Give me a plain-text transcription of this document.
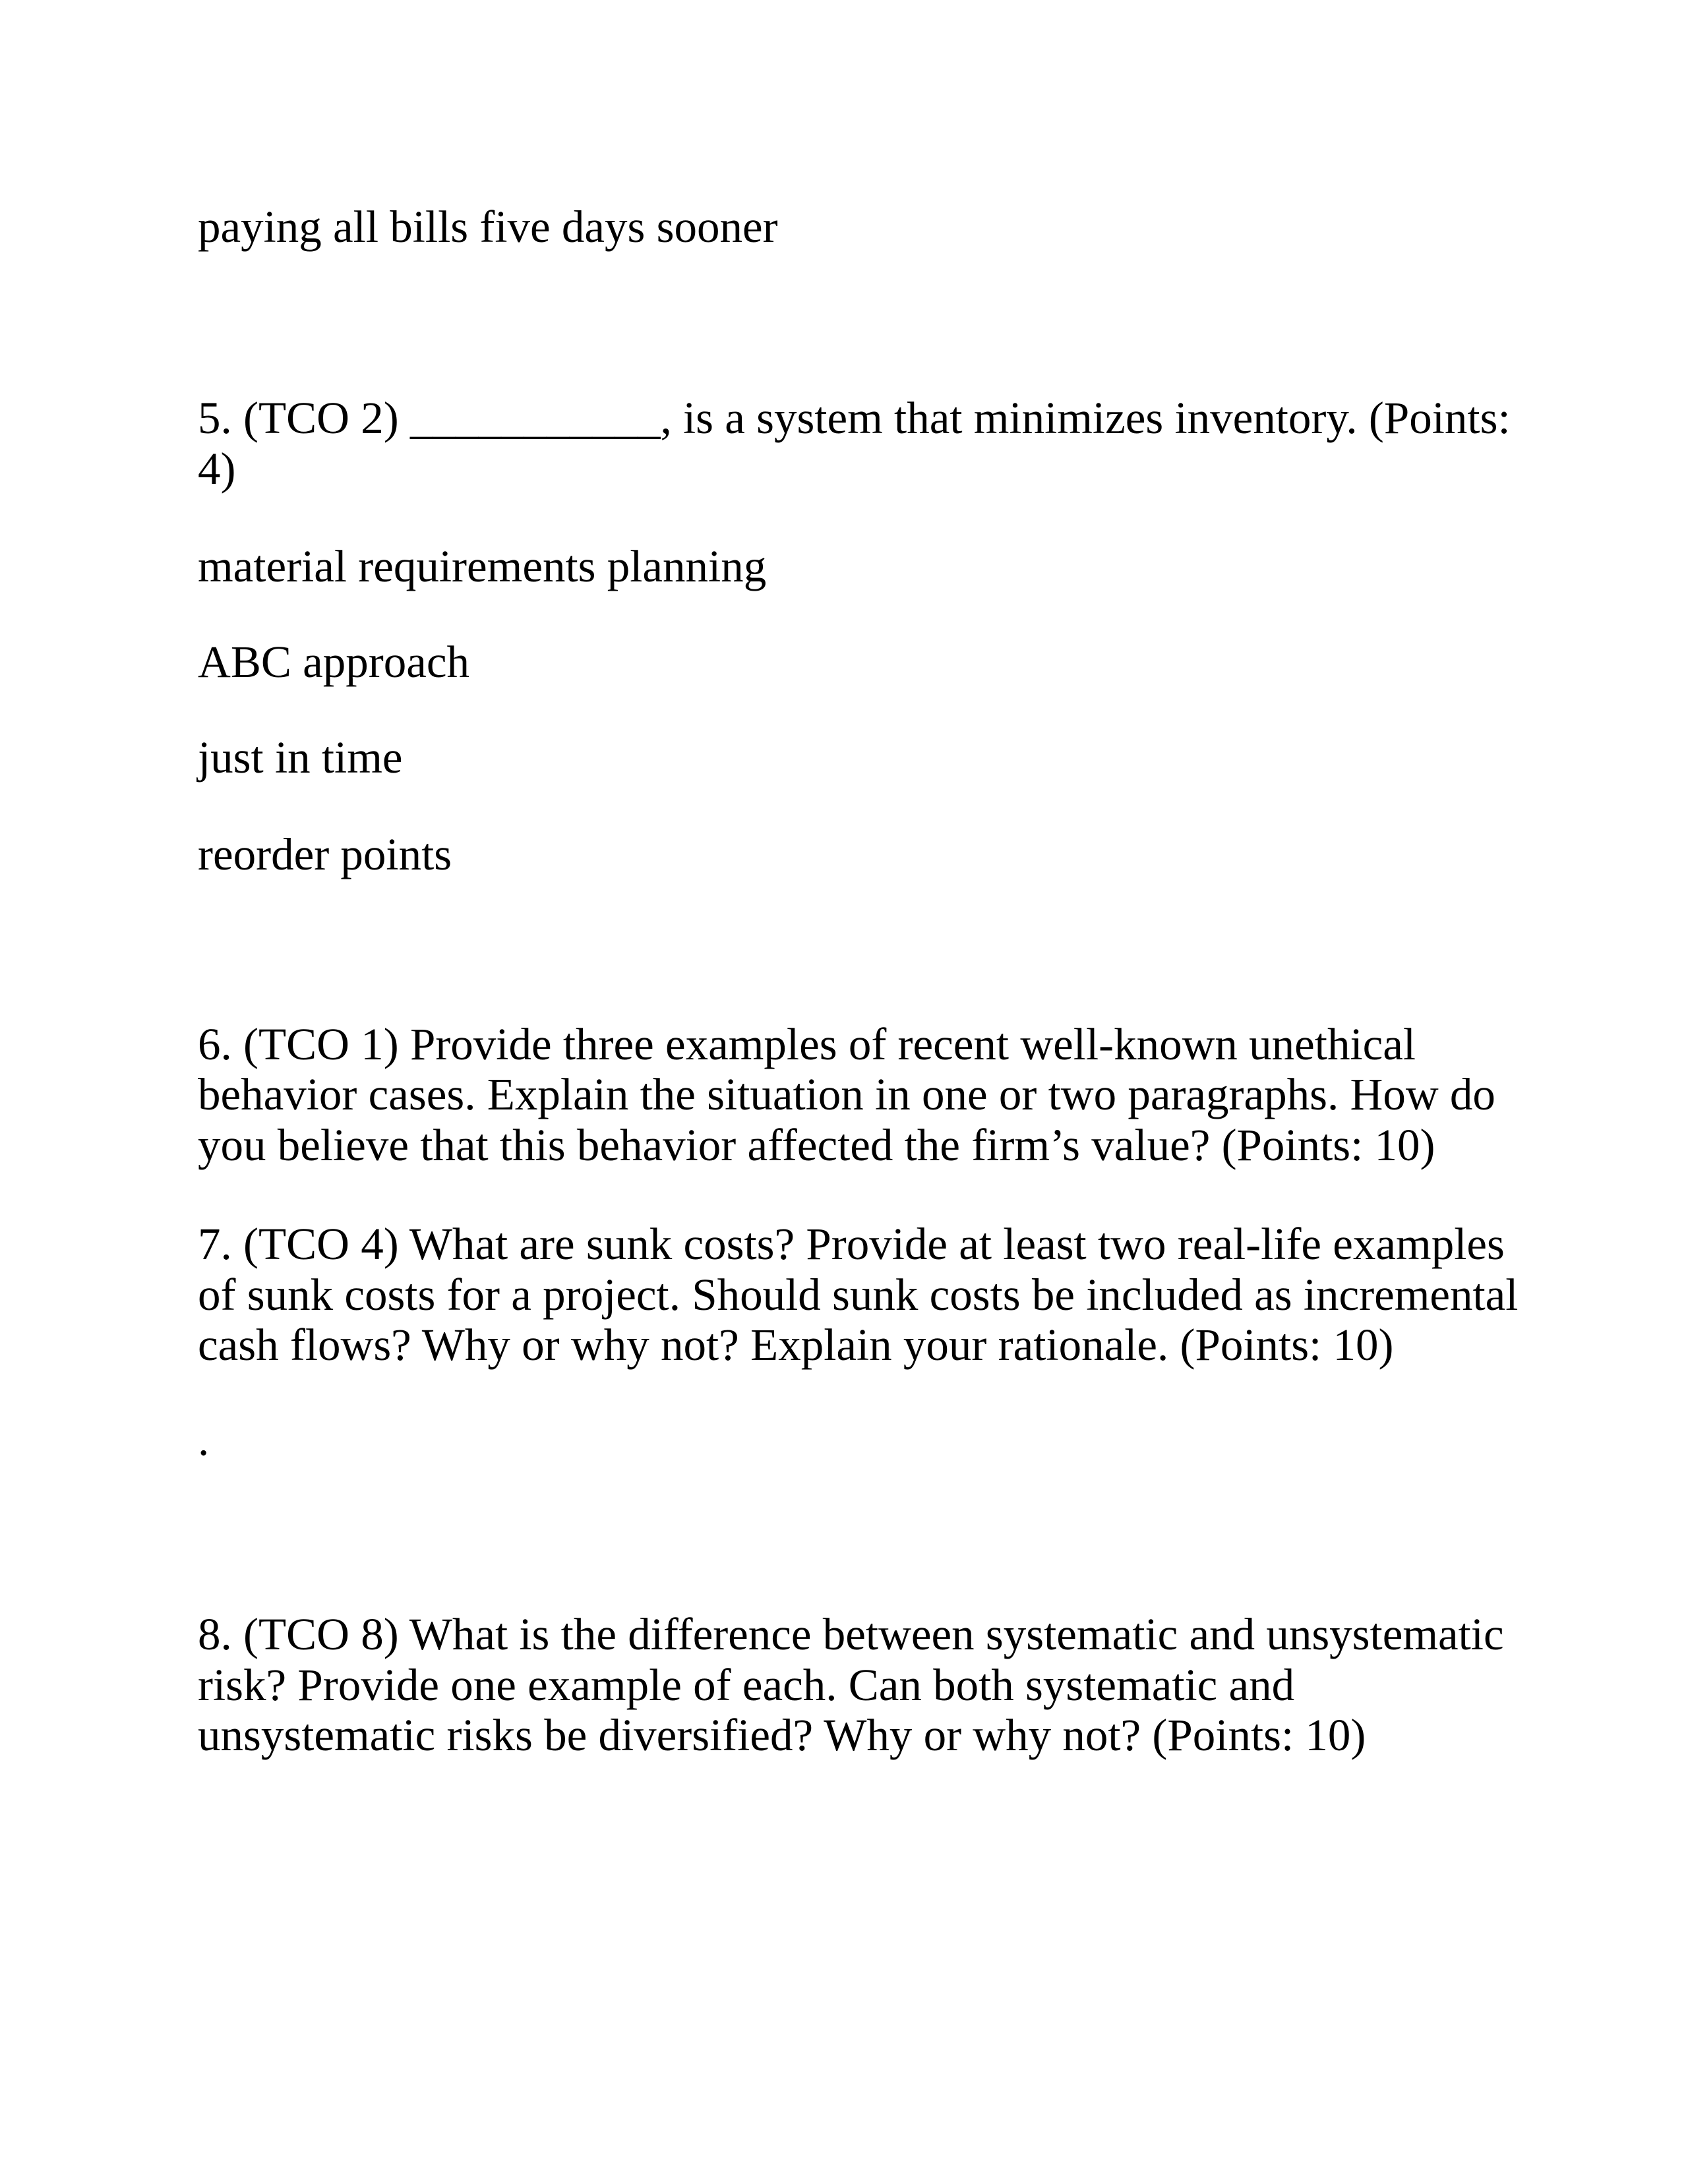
paying all bills five days sooner
5. (TCO 2) ___________, is a system that minimizes inventory. (Points:
4)
material requirements planning
ABC approach
just in time
reorder points
6. (TCO 1) Provide three examples of recent well-known unethical
behavior cases. Explain the situation in one or two paragraphs. How do
you believe that this behavior affected the firm’s value? (Points: 10)
7. (TCO 4) What are sunk costs? Provide at least two real-life examples
of sunk costs for a project. Should sunk costs be included as incremental
cash flows? Why or why not? Explain your rationale. (Points: 10)
.
8. (TCO 8) What is the difference between systematic and unsystematic
risk? Provide one example of each. Can both systematic and
unsystematic risks be diversified? Why or why not? (Points: 10)
